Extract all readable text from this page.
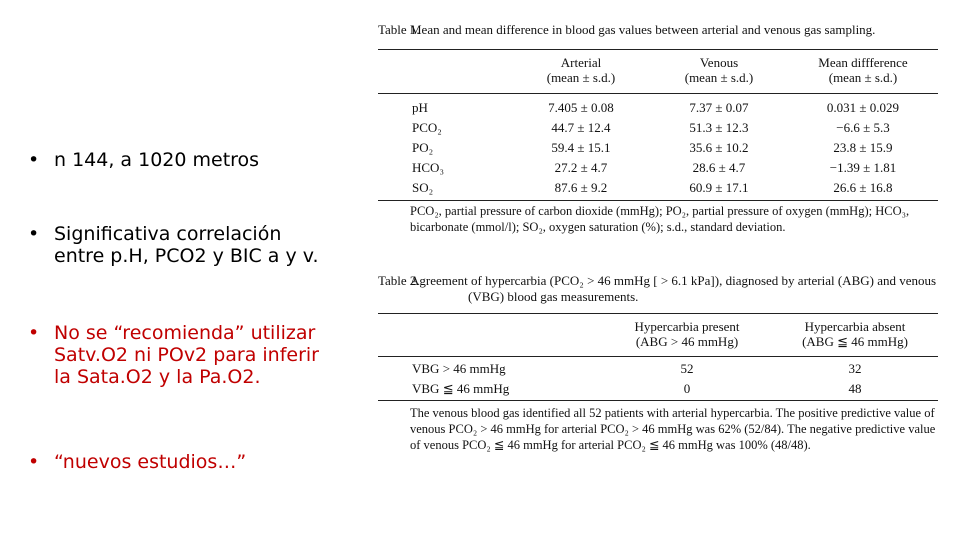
• n 144, a 1020 metros
• Significativa correlación
entre p.H, PCO2 y BIC a y v.
• No se “recomienda” utilizar
Satv.O2 ni POv2 para inferir
la Sata.O2 y la Pa.O2.
• “nuevos estudios…”
Table 1.
Mean and mean difference in blood gas values between arterial and venous gas sampling.

Arterial
(mean ± s.d.)

Venous
(mean ± s.d.)

Mean diffference
(mean ± s.d.)
pH	7.405 ± 0.08	7.37 ± 0.07	0.031 ± 0.029
PCO₂	44.7 ± 12.4	51.3 ± 12.3	−6.6 ± 5.3
PO₂	59.4 ± 15.1	35.6 ± 10.2	23.8 ± 15.9
HCO₃	27.2 ± 4.7	28.6 ± 4.7	−1.39 ± 1.81
SO₂	87.6 ± 9.2	60.9 ± 17.1	26.6 ± 16.8
PCO₂, partial pressure of carbon dioxide (mmHg); PO₂, partial pressure of oxygen (mmHg); HCO₃, bicarbonate (mmol/l); SO₂, oxygen saturation (%); s.d., standard deviation.
Table 2.
Agreement of hypercarbia (PCO₂ > 46 mmHg [ > 6.1 kPa]), diagnosed by arterial (ABG) and venous (VBG) blood gas measurements.

Hypercarbia present
(ABG > 46 mmHg)

Hypercarbia absent
(ABG ≦ 46 mmHg)
VBG > 46 mmHg	52	32
VBG ≦ 46 mmHg	0	48
The venous blood gas identified all 52 patients with arterial hypercarbia. The positive predictive value of venous PCO₂ > 46 mmHg for arterial PCO₂ > 46 mmHg was 62% (52/84). The negative predictive value of venous PCO₂ ≦ 46 mmHg for arterial PCO₂ ≦ 46 mmHg was 100% (48/48).
